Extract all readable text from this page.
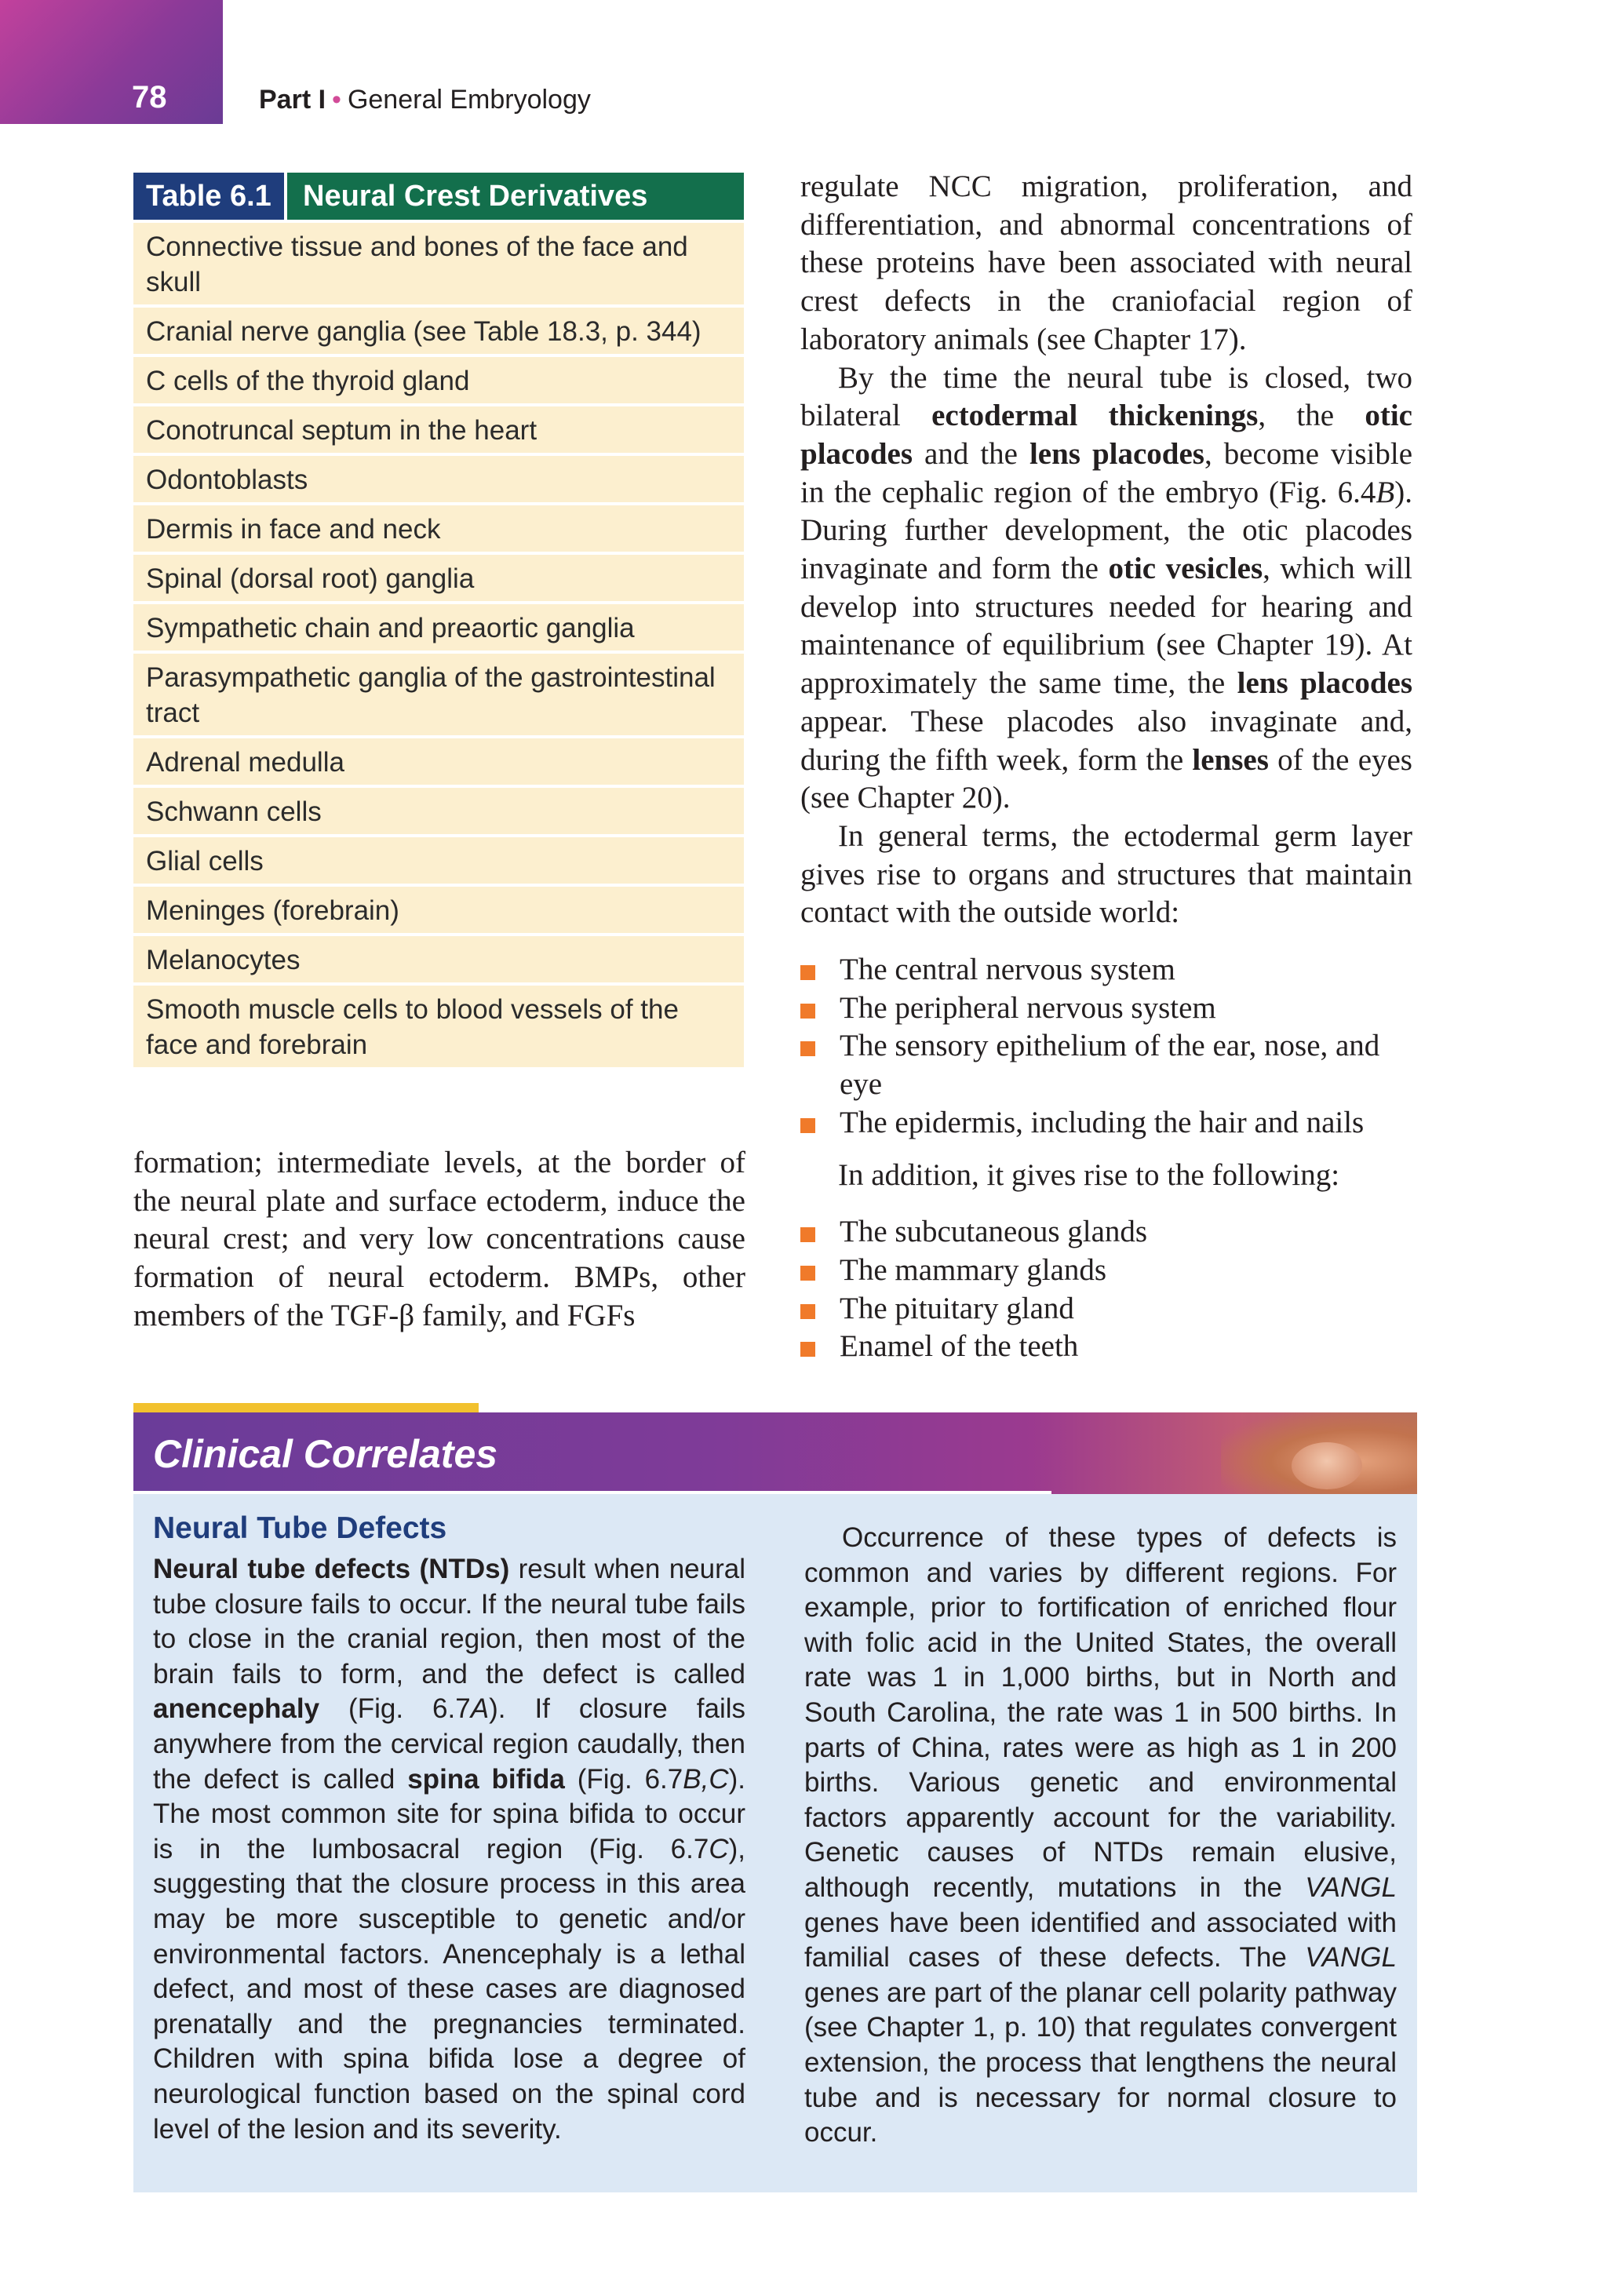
78	Part I • General Embryology
Table 6.1	Neural Crest Derivatives
Connective tissue and bones of the face and skull
Cranial nerve ganglia (see Table 18.3, p. 344)
C cells of the thyroid gland
Conotruncal septum in the heart
Odontoblasts
Dermis in face and neck
Spinal (dorsal root) ganglia
Sympathetic chain and preaortic ganglia
Parasympathetic ganglia of the gastrointestinal tract
Adrenal medulla
Schwann cells
Glial cells
Meninges (forebrain)
Melanocytes
Smooth muscle cells to blood vessels of the face and forebrain

formation; intermediate levels, at the border of the neural plate and surface ectoderm, induce the neural crest; and very low concentrations cause formation of neural ectoderm. BMPs, other members of the TGF-β family, and FGFs

regulate NCC migration, proliferation, and differentiation, and abnormal concentrations of these proteins have been associated with neural crest defects in the craniofacial region of laboratory animals (see Chapter 17).

By the time the neural tube is closed, two bilateral ectodermal thickenings, the otic placodes and the lens placodes, become visible in the cephalic region of the embryo (Fig. 6.4B). During further development, the otic placodes invaginate and form the otic vesicles, which will develop into structures needed for hearing and maintenance of equilibrium (see Chapter 19). At approximately the same time, the lens placodes appear. These placodes also invaginate and, during the fifth week, form the lenses of the eyes (see Chapter 20).

In general terms, the ectodermal germ layer gives rise to organs and structures that maintain contact with the outside world:

The central nervous system
The peripheral nervous system
The sensory epithelium of the ear, nose, and eye
The epidermis, including the hair and nails

In addition, it gives rise to the following:

The subcutaneous glands
The mammary glands
The pituitary gland
Enamel of the teeth
Clinical Correlates

Neural Tube Defects

Neural tube defects (NTDs) result when neural tube closure fails to occur. If the neural tube fails to close in the cranial region, then most of the brain fails to form, and the defect is called anencephaly (Fig. 6.7A). If closure fails anywhere from the cervical region caudally, then the defect is called spina bifida (Fig. 6.7B,C). The most common site for spina bifida to occur is in the lumbosacral region (Fig. 6.7C), suggesting that the closure process in this area may be more susceptible to genetic and/or environmental factors. Anencephaly is a lethal defect, and most of these cases are diagnosed prenatally and the pregnancies terminated. Children with spina bifida lose a degree of neurological function based on the spinal cord level of the lesion and its severity.

Occurrence of these types of defects is common and varies by different regions. For example, prior to fortification of enriched flour with folic acid in the United States, the overall rate was 1 in 1,000 births, but in North and South Carolina, the rate was 1 in 500 births. In parts of China, rates were as high as 1 in 200 births. Various genetic and environmental factors apparently account for the variability. Genetic causes of NTDs remain elusive, although recently, mutations in the VANGL genes have been identified and associated with familial cases of these defects. The VANGL genes are part of the planar cell polarity pathway (see Chapter 1, p. 10) that regulates convergent extension, the process that lengthens the neural tube and is necessary for normal closure to occur.
